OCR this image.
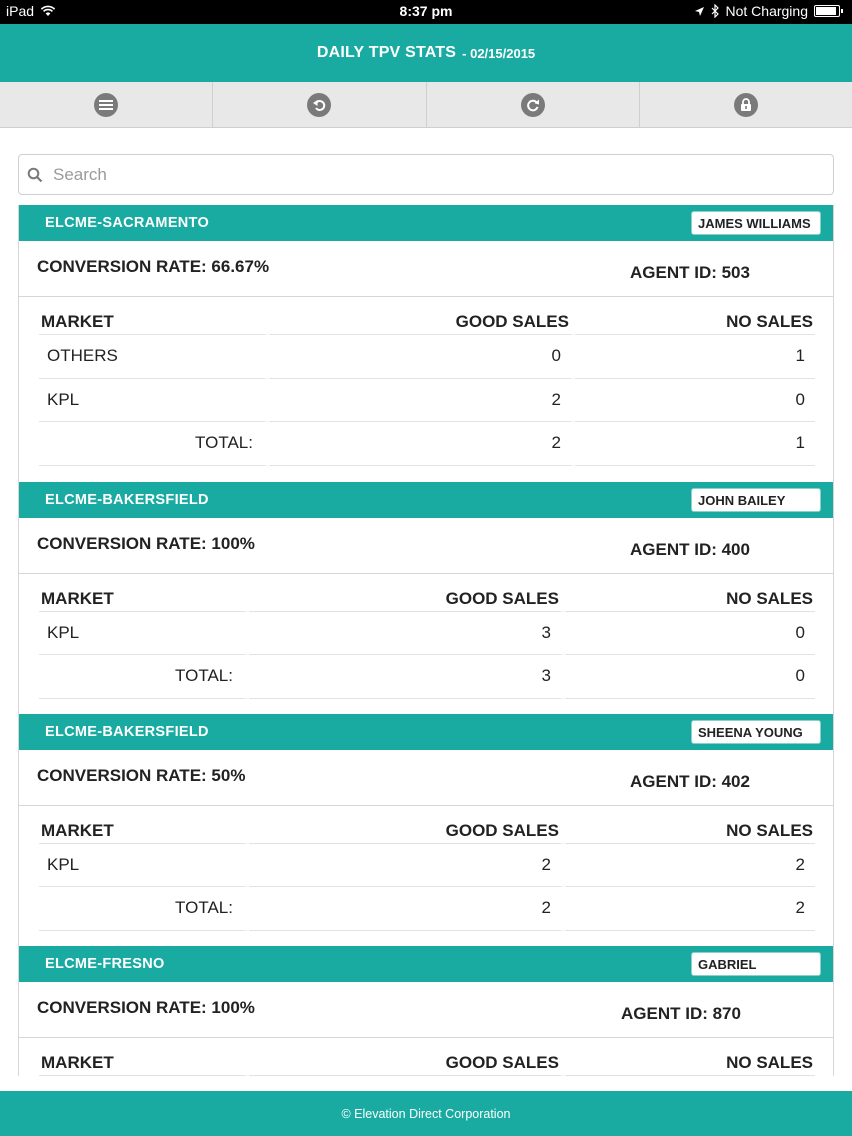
iPad	8:37 pm	Not Charging
DAILY TPV STATS - 02/15/2015
Search
ELCME-SACRAMENTO	JAMES WILLIAMS
CONVERSION RATE: 66.67%	AGENT ID: 503
MARKET	GOOD SALES	NO SALES
OTHERS	0	1
KPL	2	0
TOTAL:	2	1
ELCME-BAKERSFIELD	JOHN BAILEY
CONVERSION RATE: 100%	AGENT ID: 400
MARKET	GOOD SALES	NO SALES
KPL	3	0
TOTAL:	3	0
ELCME-BAKERSFIELD	SHEENA YOUNG
CONVERSION RATE: 50%	AGENT ID: 402
MARKET	GOOD SALES	NO SALES
KPL	2	2
TOTAL:	2	2
ELCME-FRESNO	GABRIEL
CONVERSION RATE: 100%	AGENT ID: 870
MARKET	GOOD SALES	NO SALES
© Elevation Direct Corporation
